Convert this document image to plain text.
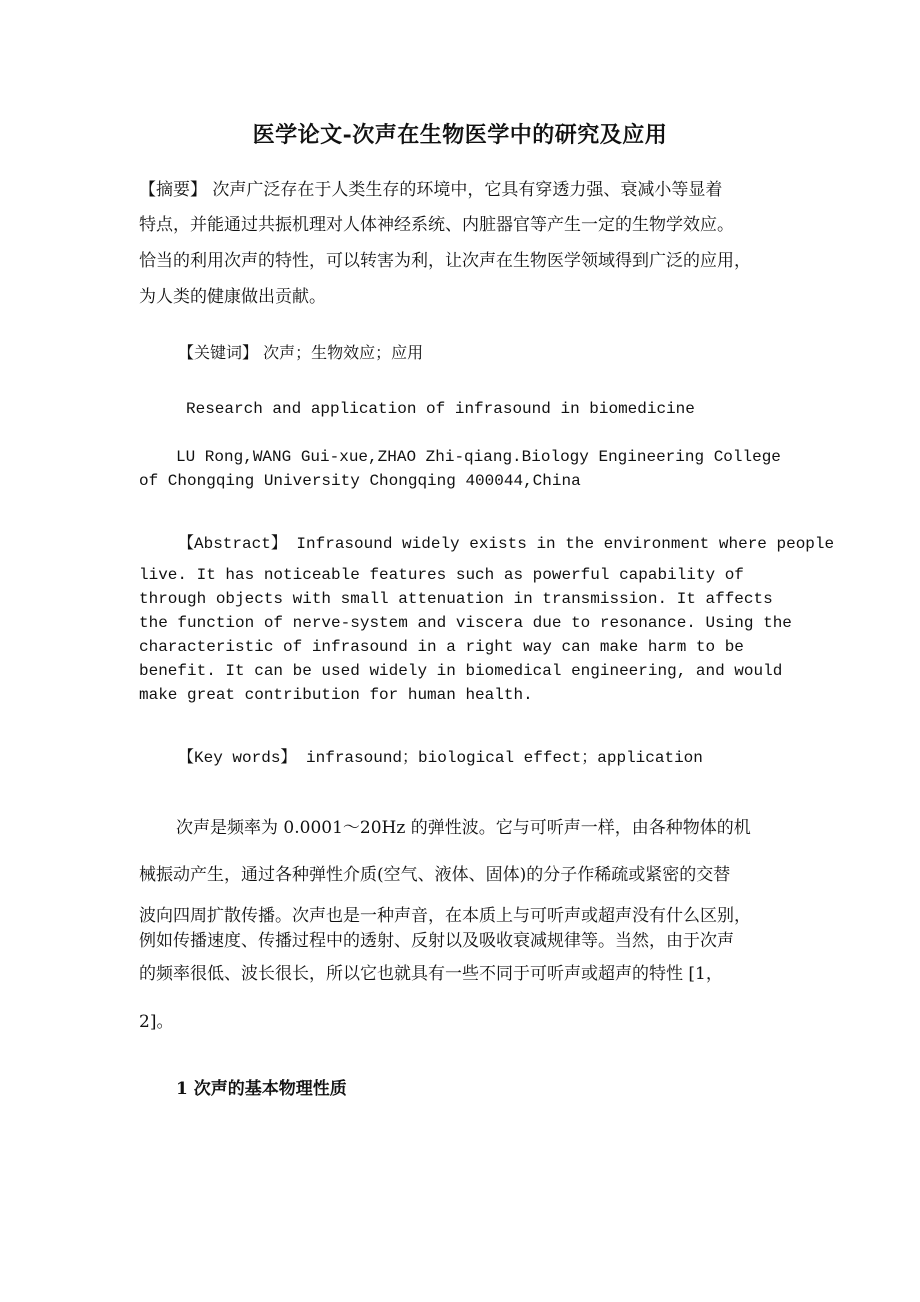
医学论文-次声在生物医学中的研究及应用

【摘要】 次声广泛存在于人类生存的环境中，它具有穿透力强、衰减小等显着

特点，并能通过共振机理对人体神经系统、内脏器官等产生一定的生物学效应。

恰当的利用次声的特性，可以转害为利，让次声在生物医学领域得到广泛的应用，

为人类的健康做出贡献。

【关键词】 次声；生物效应；应用

Research and application of infrasound in biomedicine

LU Rong,WANG Gui-xue,ZHAO Zhi-qiang.Biology Engineering College

of Chongqing University Chongqing 400044,China

【Abstract】 Infrasound widely exists in the environment where people

live. It has noticeable features such as powerful capability of

through objects with small attenuation in transmission. It affects

the function of nerve-system and viscera due to resonance. Using the

characteristic of infrasound in a right way can make harm to be

benefit. It can be used widely in biomedical engineering, and would

make great contribution for human health.

【Key words】 infrasound；biological effect；application

次声是频率为 0.0001～20Hz 的弹性波。它与可听声一样，由各种物体的机

械振动产生，通过各种弹性介质(空气、液体、固体)的分子作稀疏或紧密的交替

波向四周扩散传播。次声也是一种声音，在本质上与可听声或超声没有什么区别，

例如传播速度、传播过程中的透射、反射以及吸收衰减规律等。当然，由于次声

的频率很低、波长很长，所以它也就具有一些不同于可听声或超声的特性 [1，

2]。

1 次声的基本物理性质
